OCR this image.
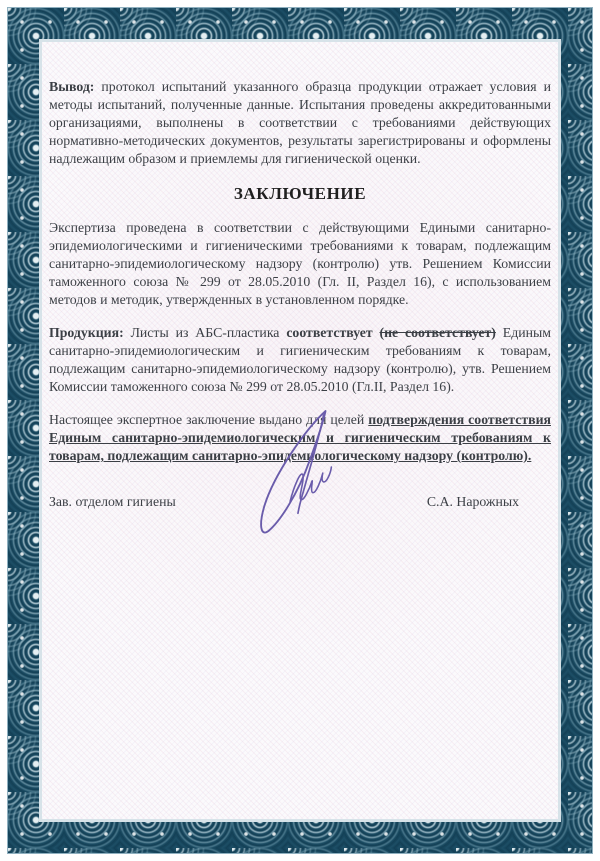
Вывод: протокол испытаний указанного образца продукции отражает условия и методы испытаний, полученные данные. Испытания проведены аккредитованными организациями, выполнены в соответствии с требованиями действующих нормативно-методических документов, результаты зарегистрированы и оформлены надлежащим образом и приемлемы для гигиенической оценки.

ЗАКЛЮЧЕНИЕ

Экспертиза проведена в соответствии с действующими Едиными санитарно-эпидемиологическими и гигиеническими требованиями к товарам, подлежащим санитарно-эпидемиологическому надзору (контролю) утв. Решением Комиссии таможенного союза № 299 от 28.05.2010 (Гл. II, Раздел 16), с использованием методов и методик, утвержденных в установленном порядке.

Продукция: Листы из АБС-пластика соответствует (не соответствует) Единым санитарно-эпидемиологическим и гигиеническим требованиям к товарам, подлежащим санитарно-эпидемиологическому надзору (контролю), утв. Решением Комиссии таможенного союза № 299 от 28.05.2010 (Гл.II, Раздел 16).

Настоящее экспертное заключение выдано для целей подтверждения соответствия Единым санитарно-эпидемиологическим и гигиеническим требованиям к товарам, подлежащим санитарно-эпидемиологическому надзору (контролю).

Зав. отделом гигиены	С.А. Нарожных
